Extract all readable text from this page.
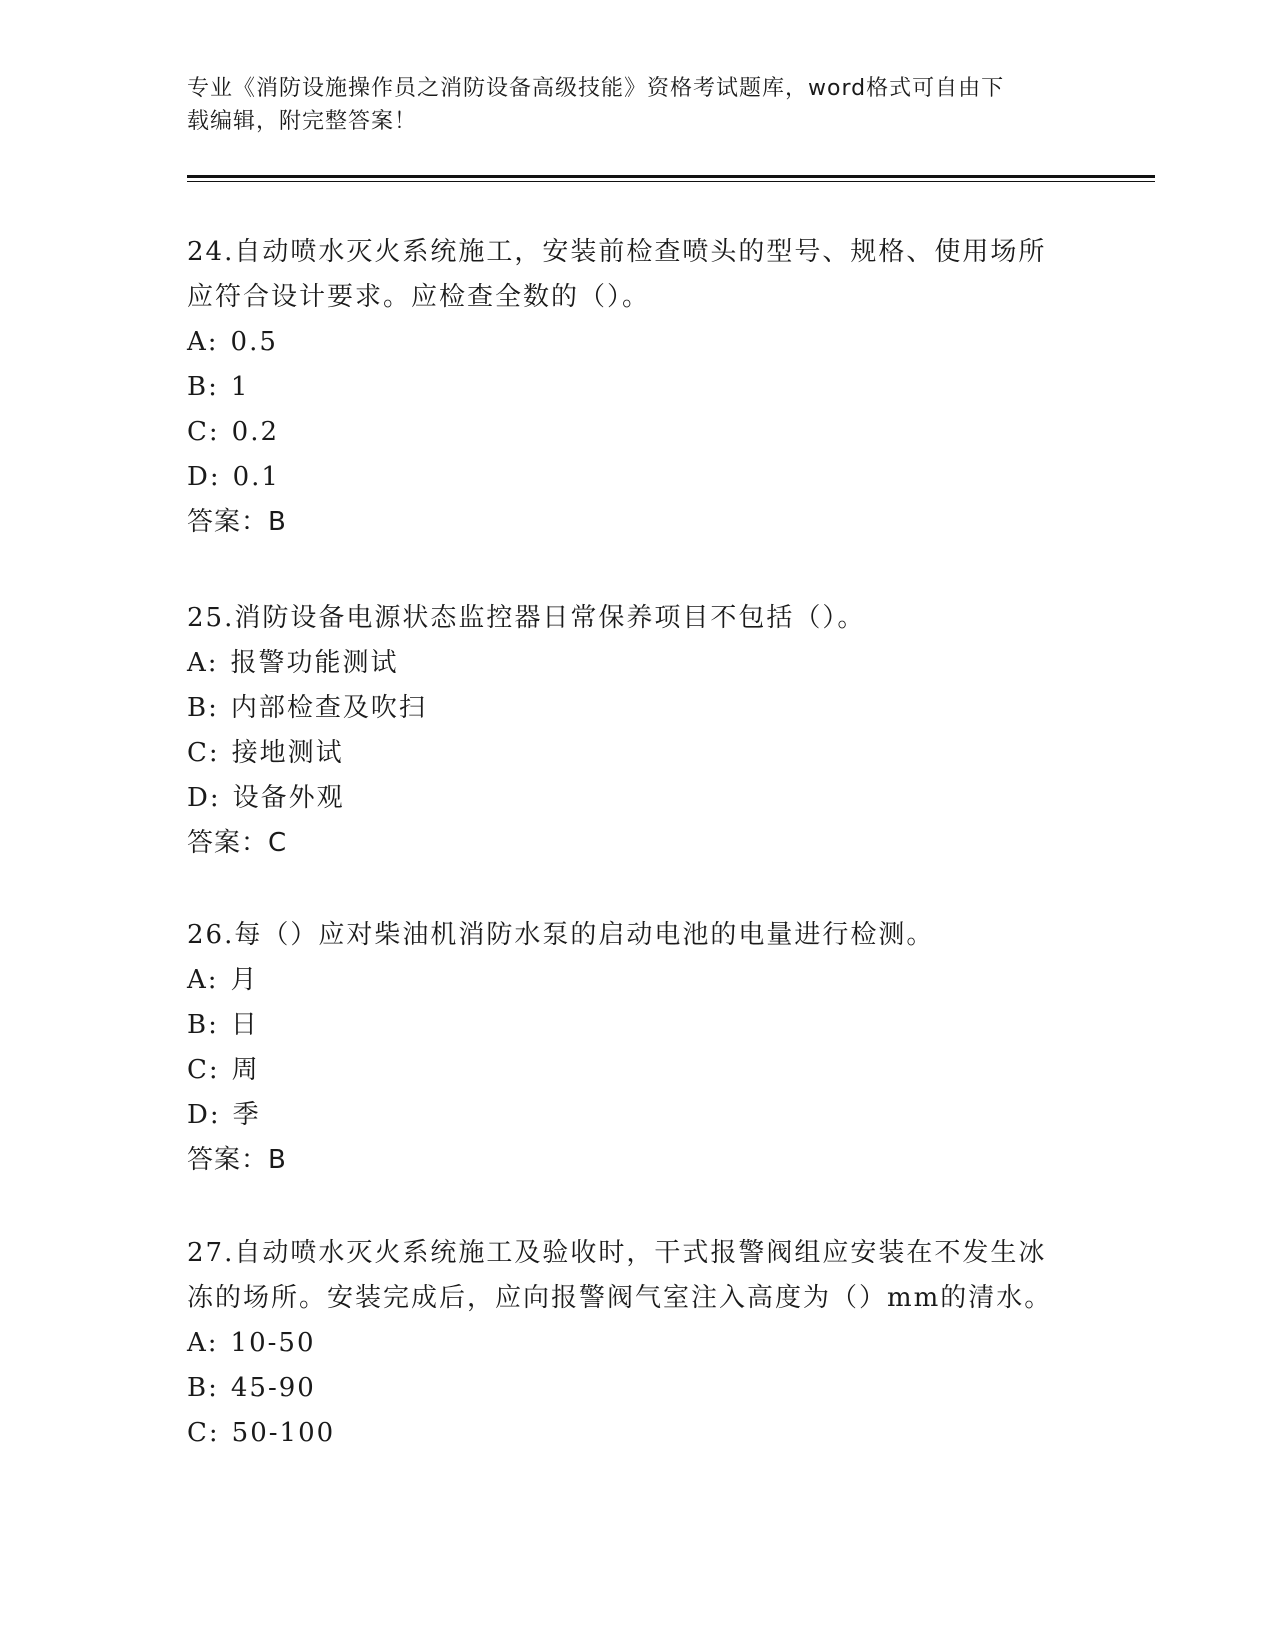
专业《消防设施操作员之消防设备高级技能》资格考试题库，word格式可自由下
载编辑，附完整答案！
24.自动喷水灭火系统施工，安装前检查喷头的型号、规格、使用场所
应符合设计要求。应检查全数的（）。
A: 0.5
B: 1
C: 0.2
D: 0.1
答案：B
25.消防设备电源状态监控器日常保养项目不包括（）。
A: 报警功能测试
B: 内部检查及吹扫
C: 接地测试
D: 设备外观
答案：C
26.每（）应对柴油机消防水泵的启动电池的电量进行检测。
A: 月
B: 日
C: 周
D: 季
答案：B
27.自动喷水灭火系统施工及验收时，干式报警阀组应安装在不发生冰
冻的场所。安装完成后，应向报警阀气室注入高度为（）mm的清水。
A: 10-50
B: 45-90
C: 50-100
